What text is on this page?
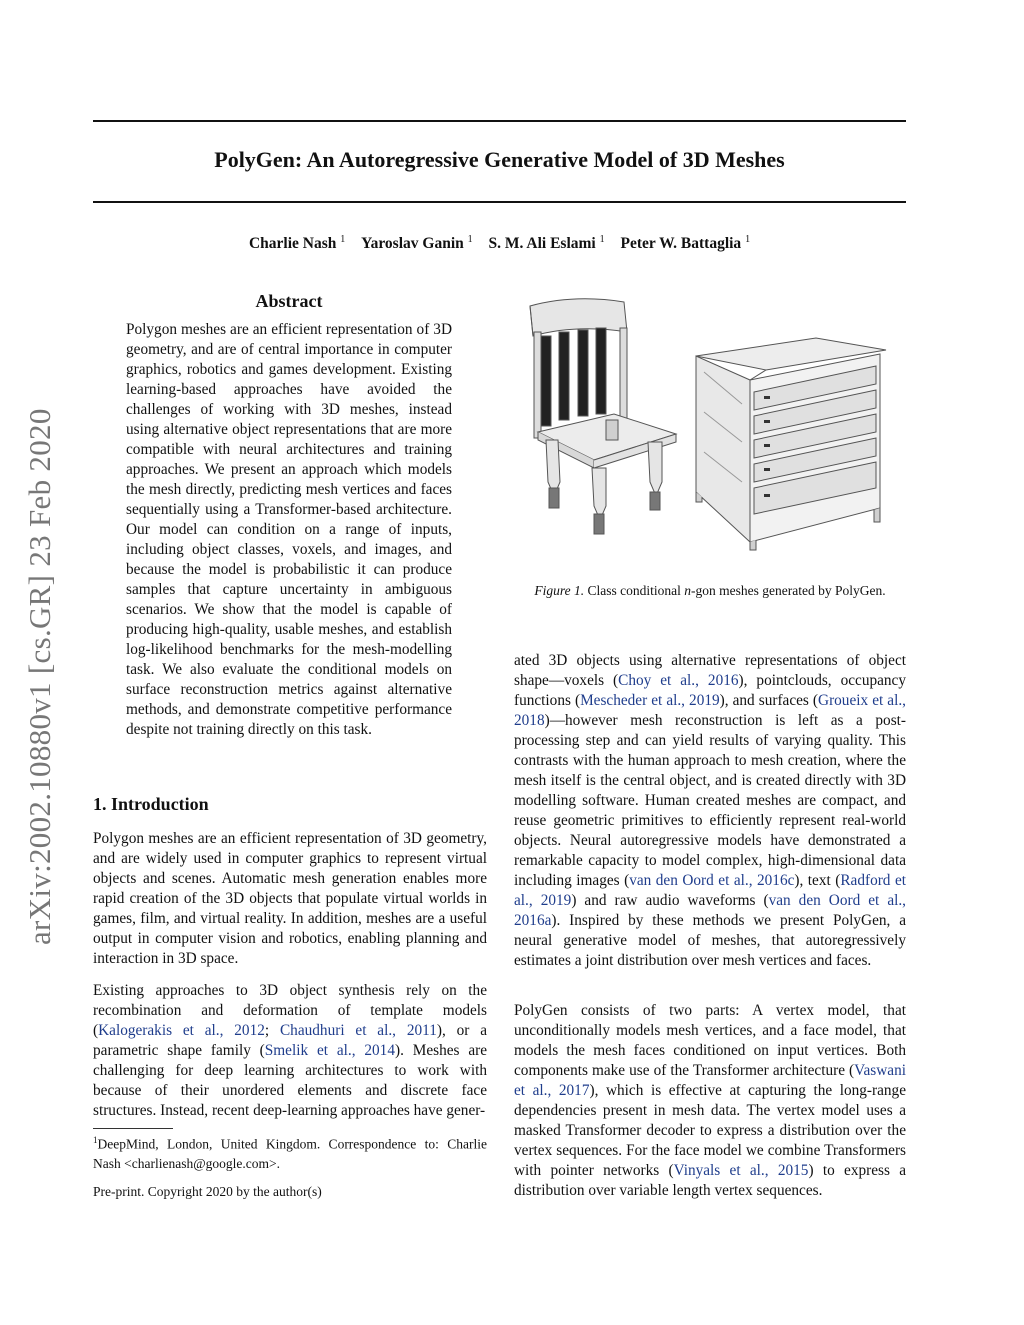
arXiv:2002.10880v1 [cs.GR] 23 Feb 2020
PolyGen: An Autoregressive Generative Model of 3D Meshes
Charlie Nash $^1$ Yaroslav Ganin $^1$ S. M. Ali Eslami $^1$ Peter W. Battaglia $^1$
Abstract

Polygon meshes are an efficient representation of 3D geometry, and are of central importance in computer graphics, robotics and games development. Existing learning-based approaches have avoided the challenges of working with 3D meshes, instead using alternative object representations that are more compatible with neural architectures and training approaches. We present an approach which models the mesh directly, predicting mesh vertices and faces sequentially using a Transformer-based architecture. Our model can condition on a range of inputs, including object classes, voxels, and images, and because the model is probabilistic it can produce samples that capture uncertainty in ambiguous scenarios. We show that the model is capable of producing high-quality, usable meshes, and establish log-likelihood benchmarks for the mesh-modelling task. We also evaluate the conditional models on surface reconstruction metrics against alternative methods, and demonstrate competitive performance despite not training directly on this task.

1. Introduction

Polygon meshes are an efficient representation of 3D geometry, and are widely used in computer graphics to represent virtual objects and scenes. Automatic mesh generation enables more rapid creation of the 3D objects that populate virtual worlds in games, film, and virtual reality. In addition, meshes are a useful output in computer vision and robotics, enabling planning and interaction in 3D space.

Existing approaches to 3D object synthesis rely on the recombination and deformation of template models (Kalogerakis et al., 2012; Chaudhuri et al., 2011), or a parametric shape family (Smelik et al., 2014). Meshes are challenging for deep learning architectures to work with because of their unordered elements and discrete face structures. Instead, recent deep-learning approaches have gener-

$^1$DeepMind, London, United Kingdom. Correspondence to: Charlie Nash <charlienash@google.com>.

Pre-print. Copyright 2020 by the author(s)
Figure 1. Class conditional n-gon meshes generated by PolyGen.

ated 3D objects using alternative representations of object shape—voxels (Choy et al., 2016), pointclouds, occupancy functions (Mescheder et al., 2019), and surfaces (Groueix et al., 2018)—however mesh reconstruction is left as a post-processing step and can yield results of varying quality. This contrasts with the human approach to mesh creation, where the mesh itself is the central object, and is created directly with 3D modelling software. Human created meshes are compact, and reuse geometric primitives to efficiently represent real-world objects. Neural autoregressive models have demonstrated a remarkable capacity to model complex, high-dimensional data including images (van den Oord et al., 2016c), text (Radford et al., 2019) and raw audio waveforms (van den Oord et al., 2016a). Inspired by these methods we present PolyGen, a neural generative model of meshes, that autoregressively estimates a joint distribution over mesh vertices and faces.

PolyGen consists of two parts: A vertex model, that unconditionally models mesh vertices, and a face model, that models the mesh faces conditioned on input vertices. Both components make use of the Transformer architecture (Vaswani et al., 2017), which is effective at capturing the long-range dependencies present in mesh data. The vertex model uses a masked Transformer decoder to express a distribution over the vertex sequences. For the face model we combine Transformers with pointer networks (Vinyals et al., 2015) to express a distribution over variable length vertex sequences.
